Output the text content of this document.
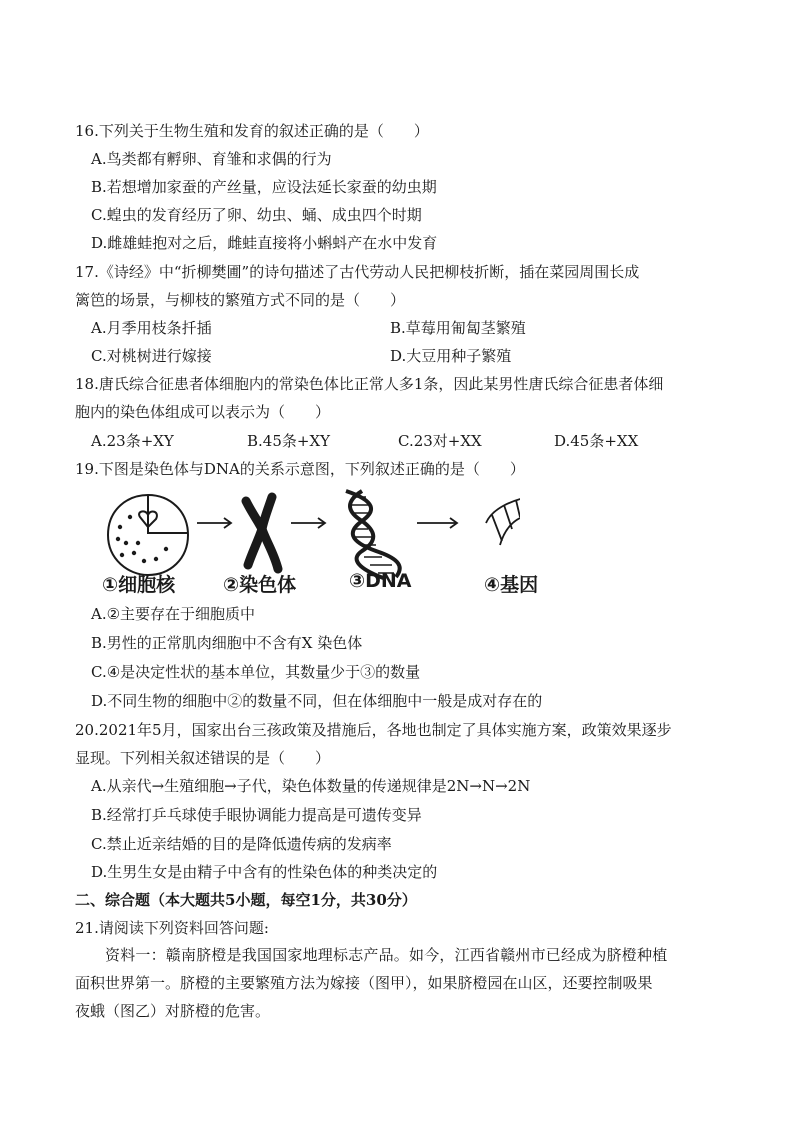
16.下列关于生物生殖和发育的叙述正确的是（　　）
A.鸟类都有孵卵、育雏和求偶的行为
B.若想增加家蚕的产丝量，应设法延长家蚕的幼虫期
C.蝗虫的发育经历了卵、幼虫、蛹、成虫四个时期
D.雌雄蛙抱对之后，雌蛙直接将小蝌蚪产在水中发育
17.《诗经》中“折柳樊圃”的诗句描述了古代劳动人民把柳枝折断，插在菜园周围长成
篱笆的场景，与柳枝的繁殖方式不同的是（　　）
A.月季用枝条扦插	B.草莓用匍匐茎繁殖
C.对桃树进行嫁接	D.大豆用种子繁殖
18.唐氏综合征患者体细胞内的常染色体比正常人多1条，因此某男性唐氏综合征患者体细
胞内的染色体组成可以表示为（　　）
A.23条+XY	B.45条+XY	C.23对+XX	D.45条+XX
19.下图是染色体与DNA的关系示意图，下列叙述正确的是（　　）
①细胞核	②染色体	③DNA	④基因
A.②主要存在于细胞质中
B.男性的正常肌肉细胞中不含有X 染色体
C.④是决定性状的基本单位，其数量少于③的数量
D.不同生物的细胞中②的数量不同，但在体细胞中一般是成对存在的
20.2021年5月，国家出台三孩政策及措施后，各地也制定了具体实施方案，政策效果逐步
显现。下列相关叙述错误的是（　　）
A.从亲代→生殖细胞→子代，染色体数量的传递规律是2N→N→2N
B.经常打乒乓球使手眼协调能力提高是可遗传变异
C.禁止近亲结婚的目的是降低遗传病的发病率
D.生男生女是由精子中含有的性染色体的种类决定的
二、综合题（本大题共5小题，每空1分，共30分）
21.请阅读下列资料回答问题:
资料一：赣南脐橙是我国国家地理标志产品。如今，江西省赣州市已经成为脐橙种植
面积世界第一。脐橙的主要繁殖方法为嫁接（图甲），如果脐橙园在山区，还要控制吸果
夜蛾（图乙）对脐橙的危害。
